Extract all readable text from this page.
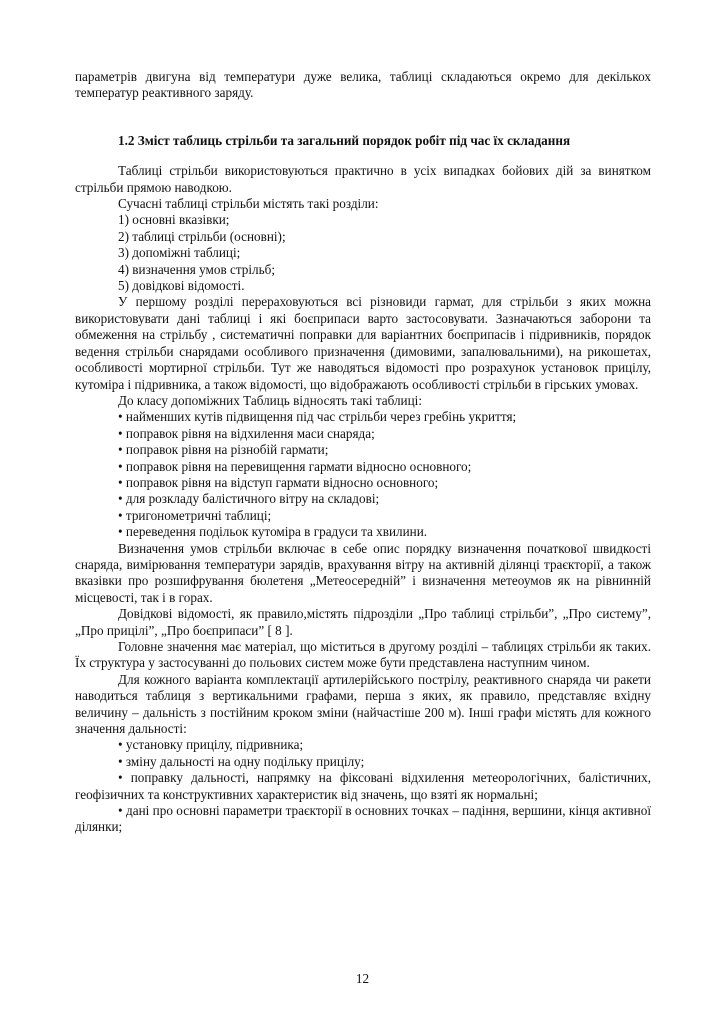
параметрів двигуна від температури дуже велика, таблиці складаються окремо для декількох температур реактивного заряду.

1.2 Зміст таблиць стрільби та загальний порядок робіт під час їх складання

Таблиці стрільби використовуються практично в усіх випадках бойових дій за винятком стрільби прямою наводкою.

Сучасні таблиці стрільби містять такі розділи:

1) основні вказівки;

2) таблиці стрільби (основні);

3) допоміжні таблиці;

4) визначення умов стрільб;

5) довідкові відомості.

У першому розділі перераховуються всі різновиди гармат, для стрільби з яких можна використовувати дані таблиці і які боєприпаси варто застосовувати. Зазначаються заборони та обмеження на стрільбу , систематичні поправки для варіантних боєприпасів і підривників, порядок ведення стрільби снарядами особливого призначення (димовими, запалювальними), на рикошетах, особливості мортирної стрільби. Тут же наводяться відомості про розрахунок установок прицілу, кутоміра і підривника, а також відомості, що відображають особливості стрільби в гірських умовах.

До класу допоміжних Таблиць відносять такі таблиці:

• найменших кутів підвищення під час стрільби через гребінь укриття;

• поправок рівня на відхилення маси снаряда;

• поправок рівня на різнобій гармати;

• поправок рівня на перевищення гармати відносно основного;

• поправок рівня на відступ гармати відносно основного;

• для розкладу балістичного вітру на складові;

• тригонометричні таблиці;

• переведення подільок кутоміра в градуси та хвилини.

Визначення умов стрільби включає в себе опис порядку визначення початкової швидкості снаряда, вимірювання температури зарядів, врахування вітру на активній ділянці траєкторії, а також вказівки про розшифрування бюлетеня „Метеосередній” і визначення метеоумов як на рівнинній місцевості, так і в горах.

Довідкові відомості, як правило,містять підрозділи „Про таблиці стрільби”, „Про систему”, „Про прицілі”, „Про боєприпаси” [ 8 ].

Головне значення має матеріал, що міститься в другому розділі – таблицях стрільби як таких. Їх структура у застосуванні до польових систем може бути представлена наступним чином.

Для кожного варіанта комплектації артилерійського пострілу, реактивного снаряда чи ракети наводиться таблиця з вертикальними графами, перша з яких, як правило, представляє вхідну величину – дальність з постійним кроком зміни (найчастіше 200 м). Інші графи містять для кожного значення дальності:

• установку прицілу, підривника;

• зміну дальності на одну подільку прицілу;

• поправку дальності, напрямку на фіксовані відхилення метеорологічних, балістичних, геофізичних та конструктивних характеристик від значень, що взяті як нормальні;

• дані про основні параметри траєкторії в основних точках – падіння, вершини, кінця активної ділянки;

12
